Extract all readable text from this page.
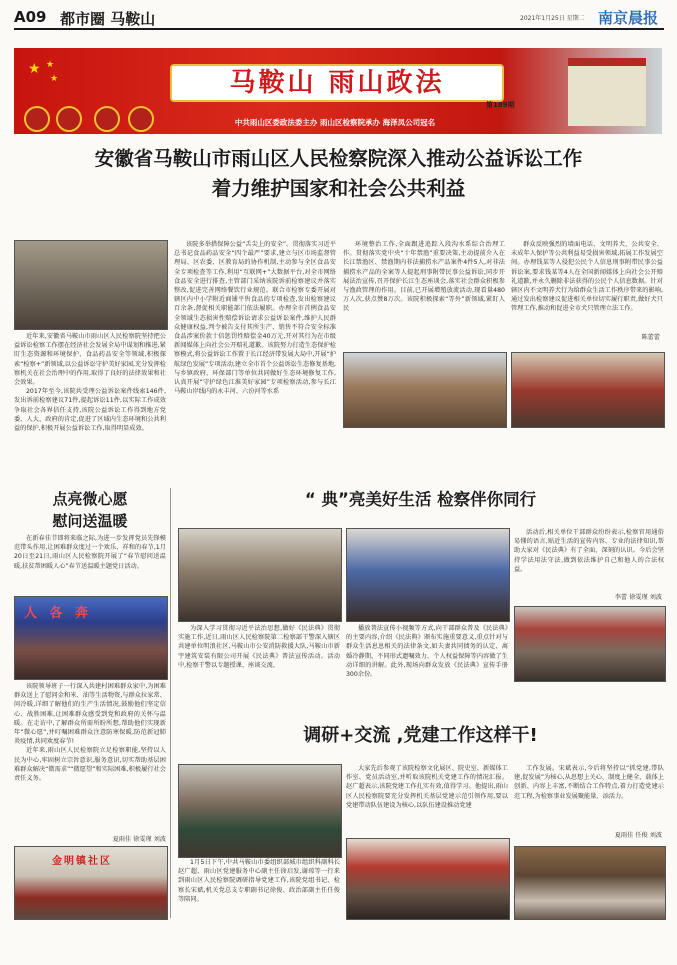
A09 都市圈 马鞍山	2021年1月25日 星期二 南京晨报
★ ★
★	马鞍山 雨山政法
第189期
中共雨山区委政法委主办 雨山区检察院承办 海泽凤公司冠名
安徽省马鞍山市雨山区人民检察院深入推动公益诉讼工作
着力维护国家和社会公共利益
近年来,安徽省马鞍山市雨山区人民检察院坚持把公益诉讼检察工作摆在经济社会发展全局中谋划和推进,紧盯生态资源和环境保护、食品药品安全等领域,积极探索“检察+”新领域,以公益诉讼守护美好家园,充分发挥检察机关在社会治理中的作用,取得了良好的法律效果和社会效果。
2017年至今,该院共受理公益诉讼案件线索146件,发出诉前检察建议71件,提起诉讼11件,以实际工作成效争取社会各界信任支持,该院公益诉讼工作得到地方党委、人大、政府的肯定,促进了区域内生态环境和公共利益的保护,积极开展公益诉讼工作,取得明显成效。
该院多举措保障公益“舌尖上的安全”。贯彻落实习近平总书记食品药品安全“四个最严”要求,建立与区市场监督管理局、区农委、区教育局的协作机制,主动参与全区食品安全专项检查等工作,利用“互联网+”大数据平台,对全市网络食品安全进行排查,主管部门采纳该院诉前检察建议并落实整改,促进完善网络餐饮行业规范。联合市检察专委开展对辖区内中小学附近商铺平售食品的专项检查,发出检察建议百余条,督促相关职能部门依法履职。办理全市首例食品安全领域生态损害性赔偿诉讼请求公益诉讼案件,维护人民群众健康权益,判令被告支付其所生产、销售不符合安全标准食品涉案价款十倍惩罚性赔偿金40万元,开对其行为在市级新闻媒体上向社会公开赔礼道歉。该院努力打造生态保护检察模式,将公益诉讼工作置于长江经济带发展大局中,开展“护航绿色发展”专项活动,建立全市首个公益诉讼生态修复基地,与乡镇政府、环保部门等单位共同做好生态环境修复工作,认真开展“守护绿色江淮美好家园”专项检察活动,参与长江马鞍山岸线内的永丰河、六汾河等水系
环境整治工作,全面跟进追踪入段沟水系综合治理工作。贯彻落实党中央“十年禁渔”重要决策,主动提前介入在长江禁渔区、禁渔期内非法捕捞水产品案件4件5人,对非法捕捞水产品的全案等人提起刑事附带民事公益诉讼,同步开展法治宣传,召开保护长江生态座谈会,落实社会群众积极参与渔政管理的作用。目前,已开展增殖放流活动,现看量480万人次,获点赞8万次。该院积极探索“等外”新领域,紧盯人民
群众反映强烈的墙面电话、文明养犬、公共安全、未成年人保护等公共利益易受损害领域,拓展工作发展空间。办理钱某等人侵犯公民个人信息刑事附带民事公益诉讼案,要求钱某等4人在全国新闻媒体上向社会公开赔礼道歉,并永久删除非法获得的公民个人信息数据。针对辖区内不文明养犬行为给群众生活工作秩序带来的影响,通过发出检察建议促进相关单位切实履行职责,做好犬只管理工作,推动和促进全市犬只管理立法工作。
陈蕾蕾
点亮微心愿
慰问送温暖
在新春佳节即将来临之际,为进一步发挥党员先锋模范带头作用,让困难群众度过一个欢乐、祥和的春节,1月20日至21日,雨山区人民检察院开展了“春节慰问送温暖,扶贫帮困暖人心”春节送温暖主题党日活动。
人 各 奔
该院领导班子一行深入共建村困难群众家中,为困难群众送上了慰问金和米、油等生活物资,与群众拉家常、问冷暖,详细了解他们的生产生活情况,鼓励他们坚定信心、战胜困难,让困难群众感受到党和政府的关怀与温暖。在走访中,了解群众所需所盼所想,帮助他们实现新年“微心愿”,并叮嘱困难群众注意防寒保暖,防范新冠肺炎疫情,共同欢度春节!
近年来,雨山区人民检察院立足检察职能,坚持以人民为中心,牢固树立宗旨意识,服务意识,切实帮助基层困难群众解决“微需求”“微愿望”和实际困难,积极履行社会责任义务。
夏雨佳 徐雯瑾 刘波
金明镇社区
“ 典”亮美好生活 检察伴你同行
为深入学习贯彻习近平法治思想,做好《民法典》贯彻实施工作,近日,雨山区人民检察院第二检察部干警深入辖区共建单位明浪社区,马鞍山市公安消防救援大队,马鞍山市新宇建筑安装有限公司开展《民法典》普法宣传活动。活动中,检察干警以专题授课、座谈交流、
播放普法宣传小视频等方式,向干部群众普及《民法典》的主要内容,介绍《民法典》颁布实施重要意义,重点针对与群众生活息息相关的法律条文,如夫妻共同债务的认定、离婚冷静期、不同形式遗嘱效力、个人权益保障等内容做了生动详细的讲解。此外,现场向群众发放《民法典》宣传手册300余份。
活动后,相关单位干部群众纷纷表示,检察官用通俗易懂的语言,贴近生活的宣传内容、专业的法律知识,帮助大家对《民法典》有了全面、深刻的认识。今后会坚持学法用法守法,做到依法维护自己和他人的合法权益。
李蕾 徐雯瑾 刘波
调研+交流 ,党建工作这样干!
1月5日下午,中共马鞍山市委组织部城市组织科副科长赵广超、雨山区党建服务中心副主任徐启发,谢琼等一行来到雨山区人民检察院调研指导党建工作,该院党组书记、检察长宋斌,机关党总支专职副书记徐俊、政治部副主任任俊等陪同。
大家先后参观了该院检察文化展区、院史室、新媒体工作室、党员活动室,并听取该院机关党建工作的情况汇报。赵广超表示,该院党建工作扎实有效,值得学习。他提出,雨山区人民检察院要充分发挥机关基层党建示范引领作用,要以党建带动队伍建设为核心,以队伍建设推动党建
工作发展。宋斌表示,今后将坚持以“抓党建,带队建,促发展”为核心,从思想上关心、制度上健全、载体上创新、内容上丰富,不断结合工作特点,着力打造党建示范工程,为检察事业发展聚能量、添活力。
夏雨佳 任俊 刘波
